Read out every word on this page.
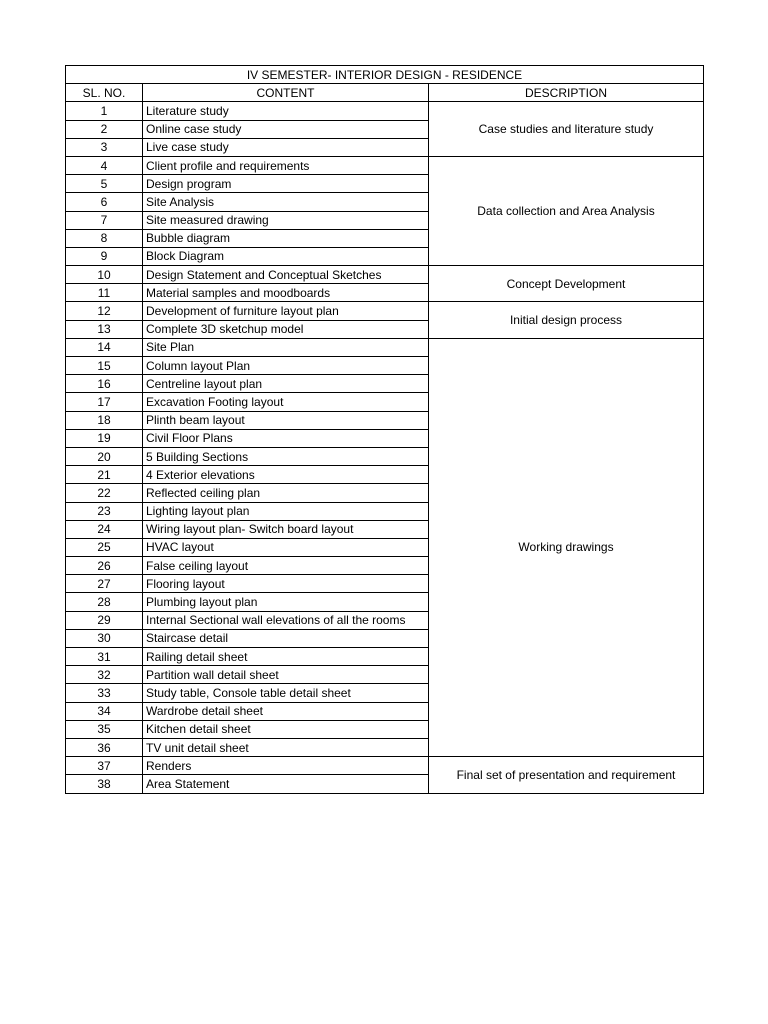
IV SEMESTER- INTERIOR DESIGN - RESIDENCE		
SL. NO.	CONTENT	DESCRIPTION
1	Literature study	Case studies and literature study
2	Online case study	
3	Live case study	
4	Client profile and requirements	Data collection and Area Analysis
5	Design program	
6	Site Analysis	
7	Site measured drawing	
8	Bubble diagram	
9	Block Diagram	
10	Design Statement and Conceptual Sketches	Concept Development
11	Material samples and moodboards	
12	Development of furniture layout plan	Initial design process
13	Complete 3D sketchup model	
14	Site Plan	Working drawings
15	Column layout Plan	
16	Centreline layout plan	
17	Excavation Footing layout	
18	Plinth beam layout	
19	Civil Floor Plans	
20	5 Building Sections	
21	4 Exterior elevations	
22	Reflected ceiling plan	
23	Lighting layout plan	
24	Wiring layout plan- Switch board layout	
25	HVAC layout	
26	False ceiling layout	
27	Flooring layout	
28	Plumbing layout plan	
29	Internal Sectional wall elevations of all the rooms	
30	Staircase detail	
31	Railing detail sheet	
32	Partition wall detail sheet	
33	Study table, Console table detail sheet	
34	Wardrobe detail sheet	
35	Kitchen detail sheet	
36	TV unit detail sheet	
37	Renders	Final set of presentation and requirement
38	Area Statement	
